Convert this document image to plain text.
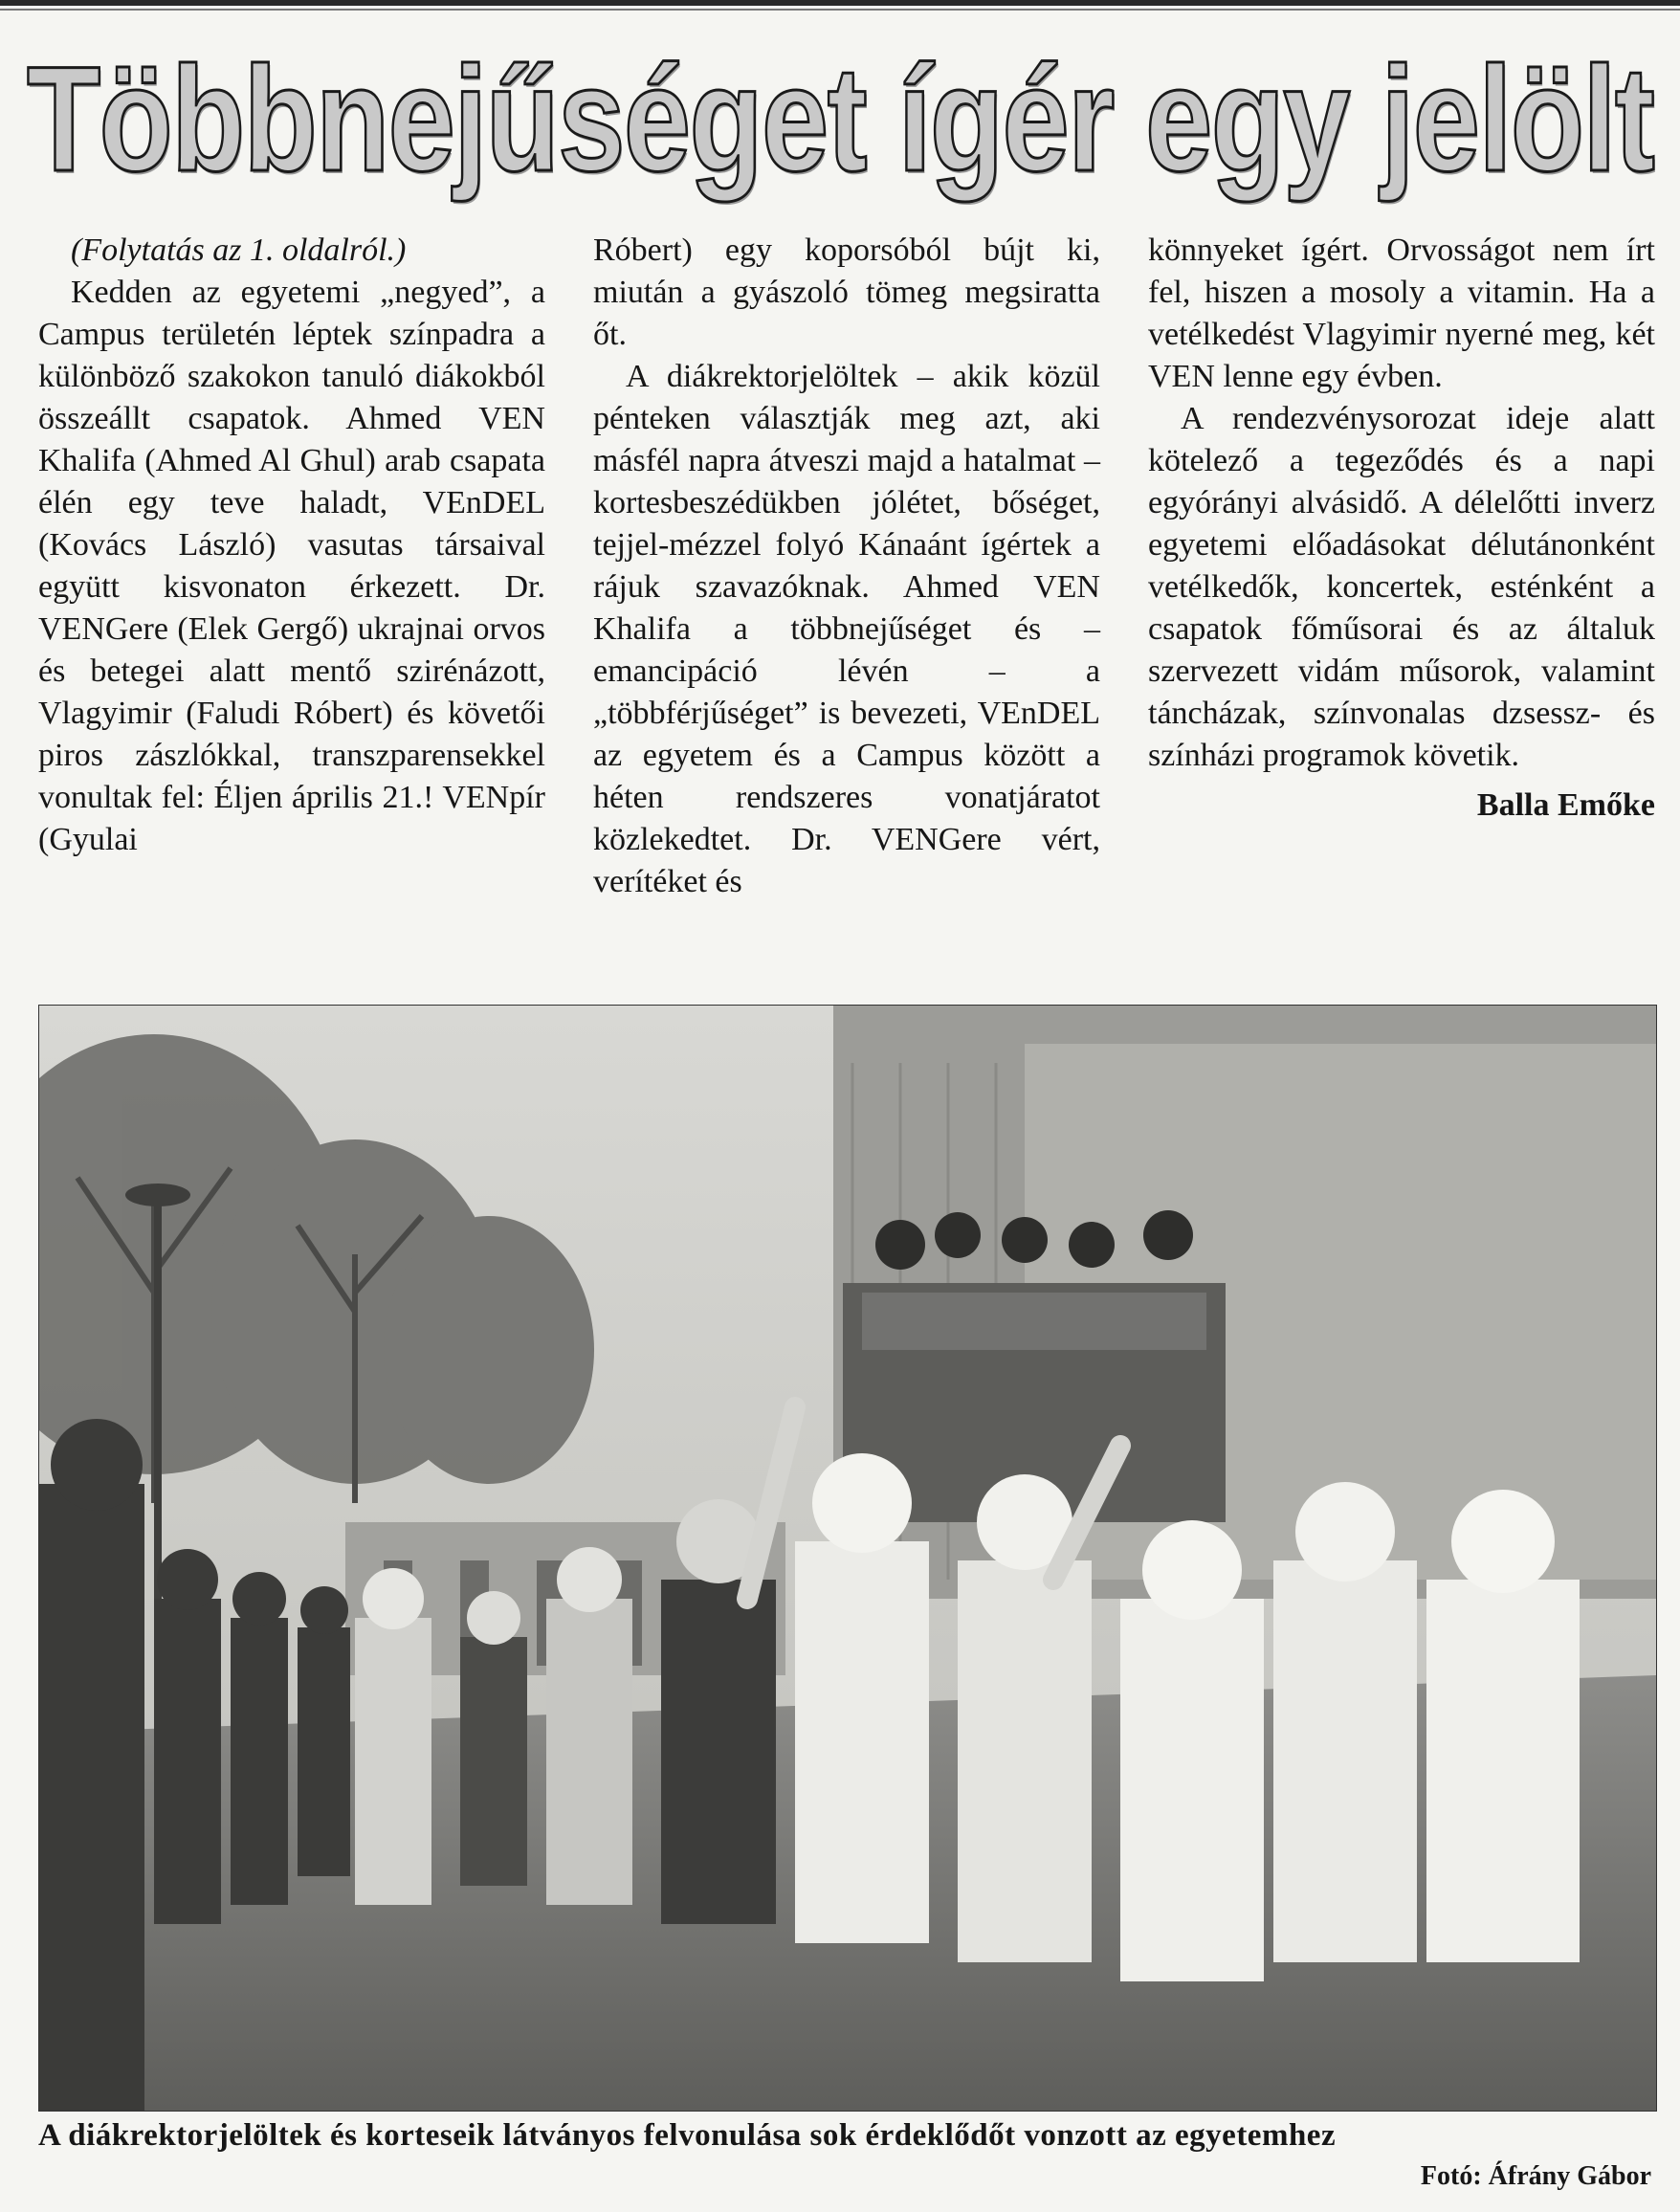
Többnejűséget ígér egy jelölt

(Folytatás az 1. oldalról.)

Kedden az egyetemi „negyed”, a Campus területén léptek színpadra a különböző szakokon tanuló diákokból összeállt csapatok. Ahmed VEN Khalifa (Ahmed Al Ghul) arab csapata élén egy teve haladt, VEnDEL (Kovács László) vasutas társaival együtt kisvonaton érkezett. Dr. VENGere (Elek Gergő) ukrajnai orvos és betegei alatt mentő szirénázott, Vlagyimir (Faludi Róbert) és követői piros zászlókkal, transzparensekkel vonultak fel: Éljen április 21.! VENpír (Gyulai

Róbert) egy koporsóból bújt ki, miután a gyászoló tömeg megsiratta őt.

A diákrektorjelöltek – akik közül pénteken választják meg azt, aki másfél napra átveszi majd a hatalmat – kortesbeszédükben jólétet, bőséget, tejjel-mézzel folyó Kánaánt ígértek a rájuk szavazóknak. Ahmed VEN Khalifa a többnejűséget és – emancipáció lévén – a „többférjűséget” is bevezeti, VEnDEL az egyetem és a Campus között a héten rendszeres vonatjáratot közlekedtet. Dr. VENGere vért, verítéket és

könnyeket ígért. Orvosságot nem írt fel, hiszen a mosoly a vitamin. Ha a vetélkedést Vlagyimir nyerné meg, két VEN lenne egy évben.

A rendezvénysorozat ideje alatt kötelező a tegeződés és a napi egyórányi alvásidő. A délelőtti inverz egyetemi előadásokat délutánonként vetélkedők, koncertek, esténként a csapatok főműsorai és az általuk szervezett vidám műsorok, valamint táncházak, színvonalas dzsessz- és színházi programok követik.

Balla Emőke

A diákrektorjelöltek és korteseik látványos felvonulása sok érdeklődőt vonzott az egyetemhez

Fotó: Áfrány Gábor
